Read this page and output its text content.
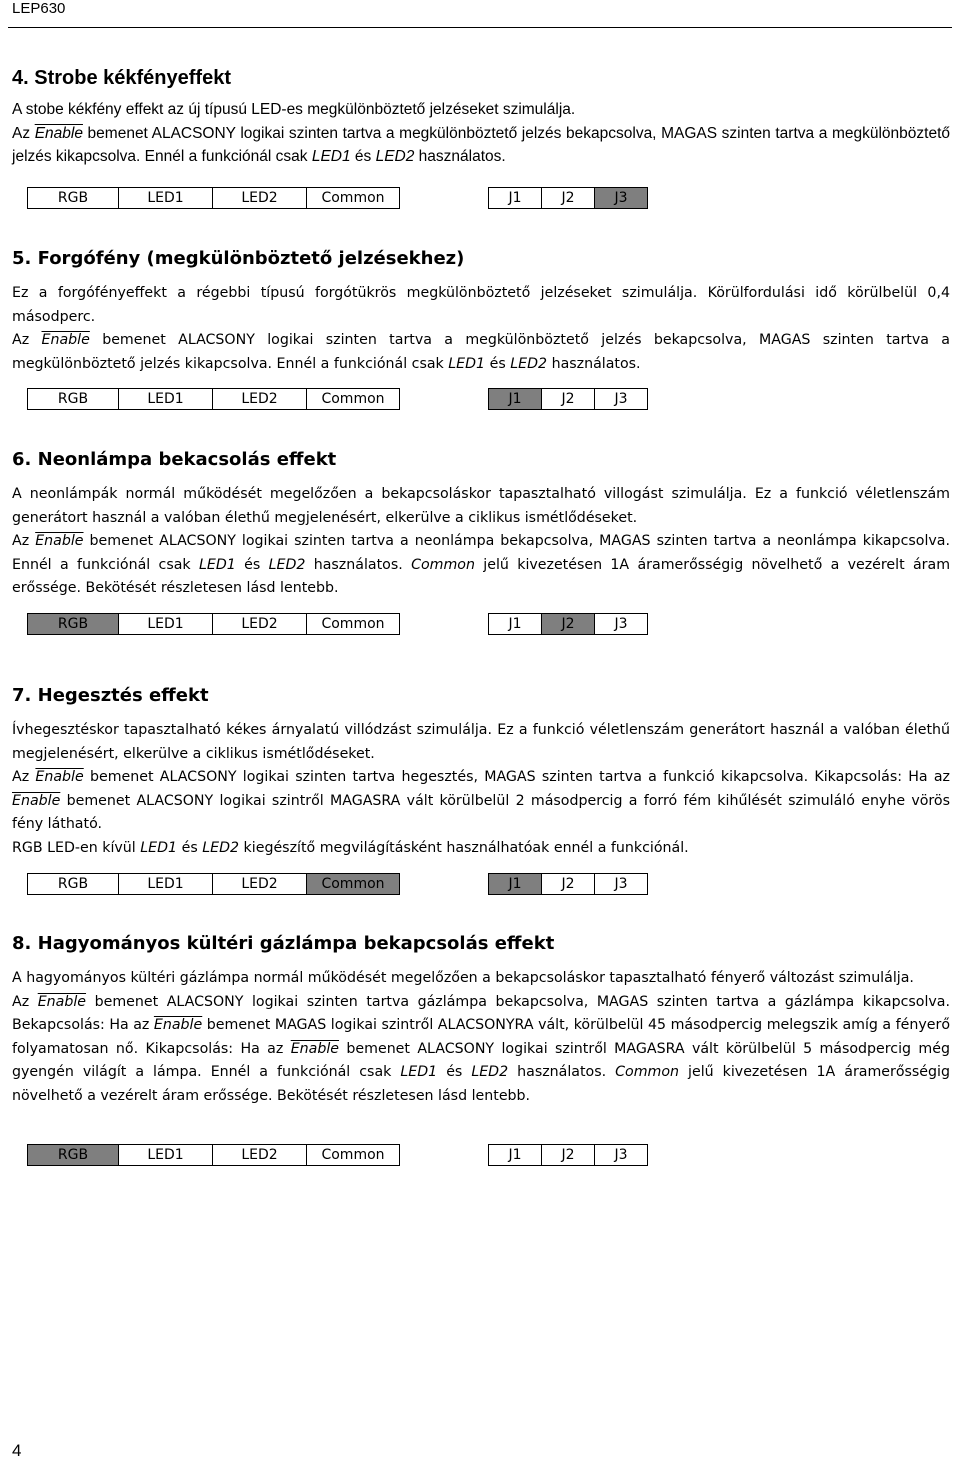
LEP630
4. Strobe kékfényeffekt

A stobe kékfény effekt az új típusú LED-es megkülönböztető jelzéseket szimulálja.

Az Enable bemenet ALACSONY logikai szinten tartva a megkülönböztető jelzés bekapcsolva, MAGAS szinten tartva a megkülönböztető jelzés kikapcsolva. Ennél a funkciónál csak LED1 és LED2 használatos.

RGB	LED1	LED2	Common	J1	J2	J3
5. Forgófény (megkülönböztető jelzésekhez)

Ez a forgófényeffekt a régebbi típusú forgótükrös megkülönböztető jelzéseket szimulálja. Körülfordulási idő körülbelül 0,4 másodperc.

Az Enable bemenet ALACSONY logikai szinten tartva a megkülönböztető jelzés bekapcsolva, MAGAS szinten tartva a megkülönböztető jelzés kikapcsolva. Ennél a funkciónál csak LED1 és LED2 használatos.

RGB	LED1	LED2	Common	J1	J2	J3
6. Neonlámpa bekacsolás effekt

A neonlámpák normál működését megelőzően a bekapcsoláskor tapasztalható villogást szimulálja. Ez a funkció véletlenszám generátort használ a valóban élethű megjelenésért, elkerülve a ciklikus ismétlődéseket.

Az Enable bemenet ALACSONY logikai szinten tartva a neonlámpa bekapcsolva, MAGAS szinten tartva a neonlámpa kikapcsolva. Ennél a funkciónál csak LED1 és LED2 használatos. Common jelű kivezetésen 1A áramerősségig növelhető a vezérelt áram erőssége. Bekötését részletesen lásd lentebb.

RGB	LED1	LED2	Common	J1	J2	J3
7. Hegesztés effekt

Ívhegesztéskor tapasztalható kékes árnyalatú villódzást szimulálja. Ez a funkció véletlenszám generátort használ a valóban élethű megjelenésért, elkerülve a ciklikus ismétlődéseket.

Az Enable bemenet ALACSONY logikai szinten tartva hegesztés, MAGAS szinten tartva a funkció kikapcsolva. Kikapcsolás: Ha az Enable bemenet ALACSONY logikai szintről MAGASRA vált körülbelül 2 másodpercig a forró fém kihűlését szimuláló enyhe vörös fény látható.

RGB LED-en kívül LED1 és LED2 kiegészítő megvilágításként használhatóak ennél a funkciónál.

RGB	LED1	LED2	Common	J1	J2	J3
8. Hagyományos kültéri gázlámpa bekapcsolás effekt

A hagyományos kültéri gázlámpa normál működését megelőzően a bekapcsoláskor tapasztalható fényerő változást szimulálja.

Az Enable bemenet ALACSONY logikai szinten tartva gázlámpa bekapcsolva, MAGAS szinten tartva a gázlámpa kikapcsolva. Bekapcsolás: Ha az Enable bemenet MAGAS logikai szintről ALACSONYRA vált, körülbelül 45 másodpercig melegszik amíg a fényerő folyamatosan nő. Kikapcsolás: Ha az Enable bemenet ALACSONY logikai szintről MAGASRA vált körülbelül 5 másodpercig még gyengén világít a lámpa. Ennél a funkciónál csak LED1 és LED2 használatos. Common jelű kivezetésen 1A áramerősségig növelhető a vezérelt áram erőssége. Bekötését részletesen lásd lentebb.

RGB	LED1	LED2	Common	J1	J2	J3
4
